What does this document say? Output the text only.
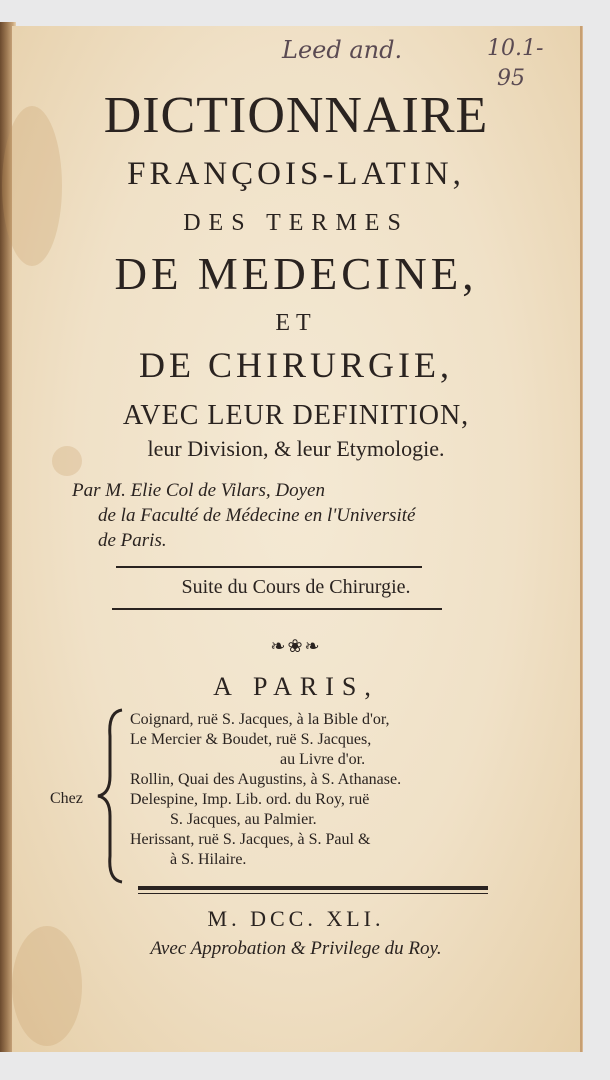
Leed and.	10.1-
95
DICTIONNAIRE
FRANÇOIS-LATIN,
DES TERMES
DE MEDECINE,
ET
DE CHIRURGIE,
AVEC LEUR DEFINITION,
leur Division, & leur Etymologie.
Par M. Elie Col de Vilars, Doyen
de la Faculté de Médecine en l'Université
de Paris.
Suite du Cours de Chirurgie.
❧❀❧
A PARIS,
Chez
Coignard, ruë S. Jacques, à la Bible d'or,
Le Mercier & Boudet, ruë S. Jacques,
au Livre d'or.
Rollin, Quai des Augustins, à S. Athanase.
Delespine, Imp. Lib. ord. du Roy, ruë
S. Jacques, au Palmier.
Herissant, ruë S. Jacques, à S. Paul &
à S. Hilaire.
M. DCC. XLI.
Avec Approbation & Privilege du Roy.
